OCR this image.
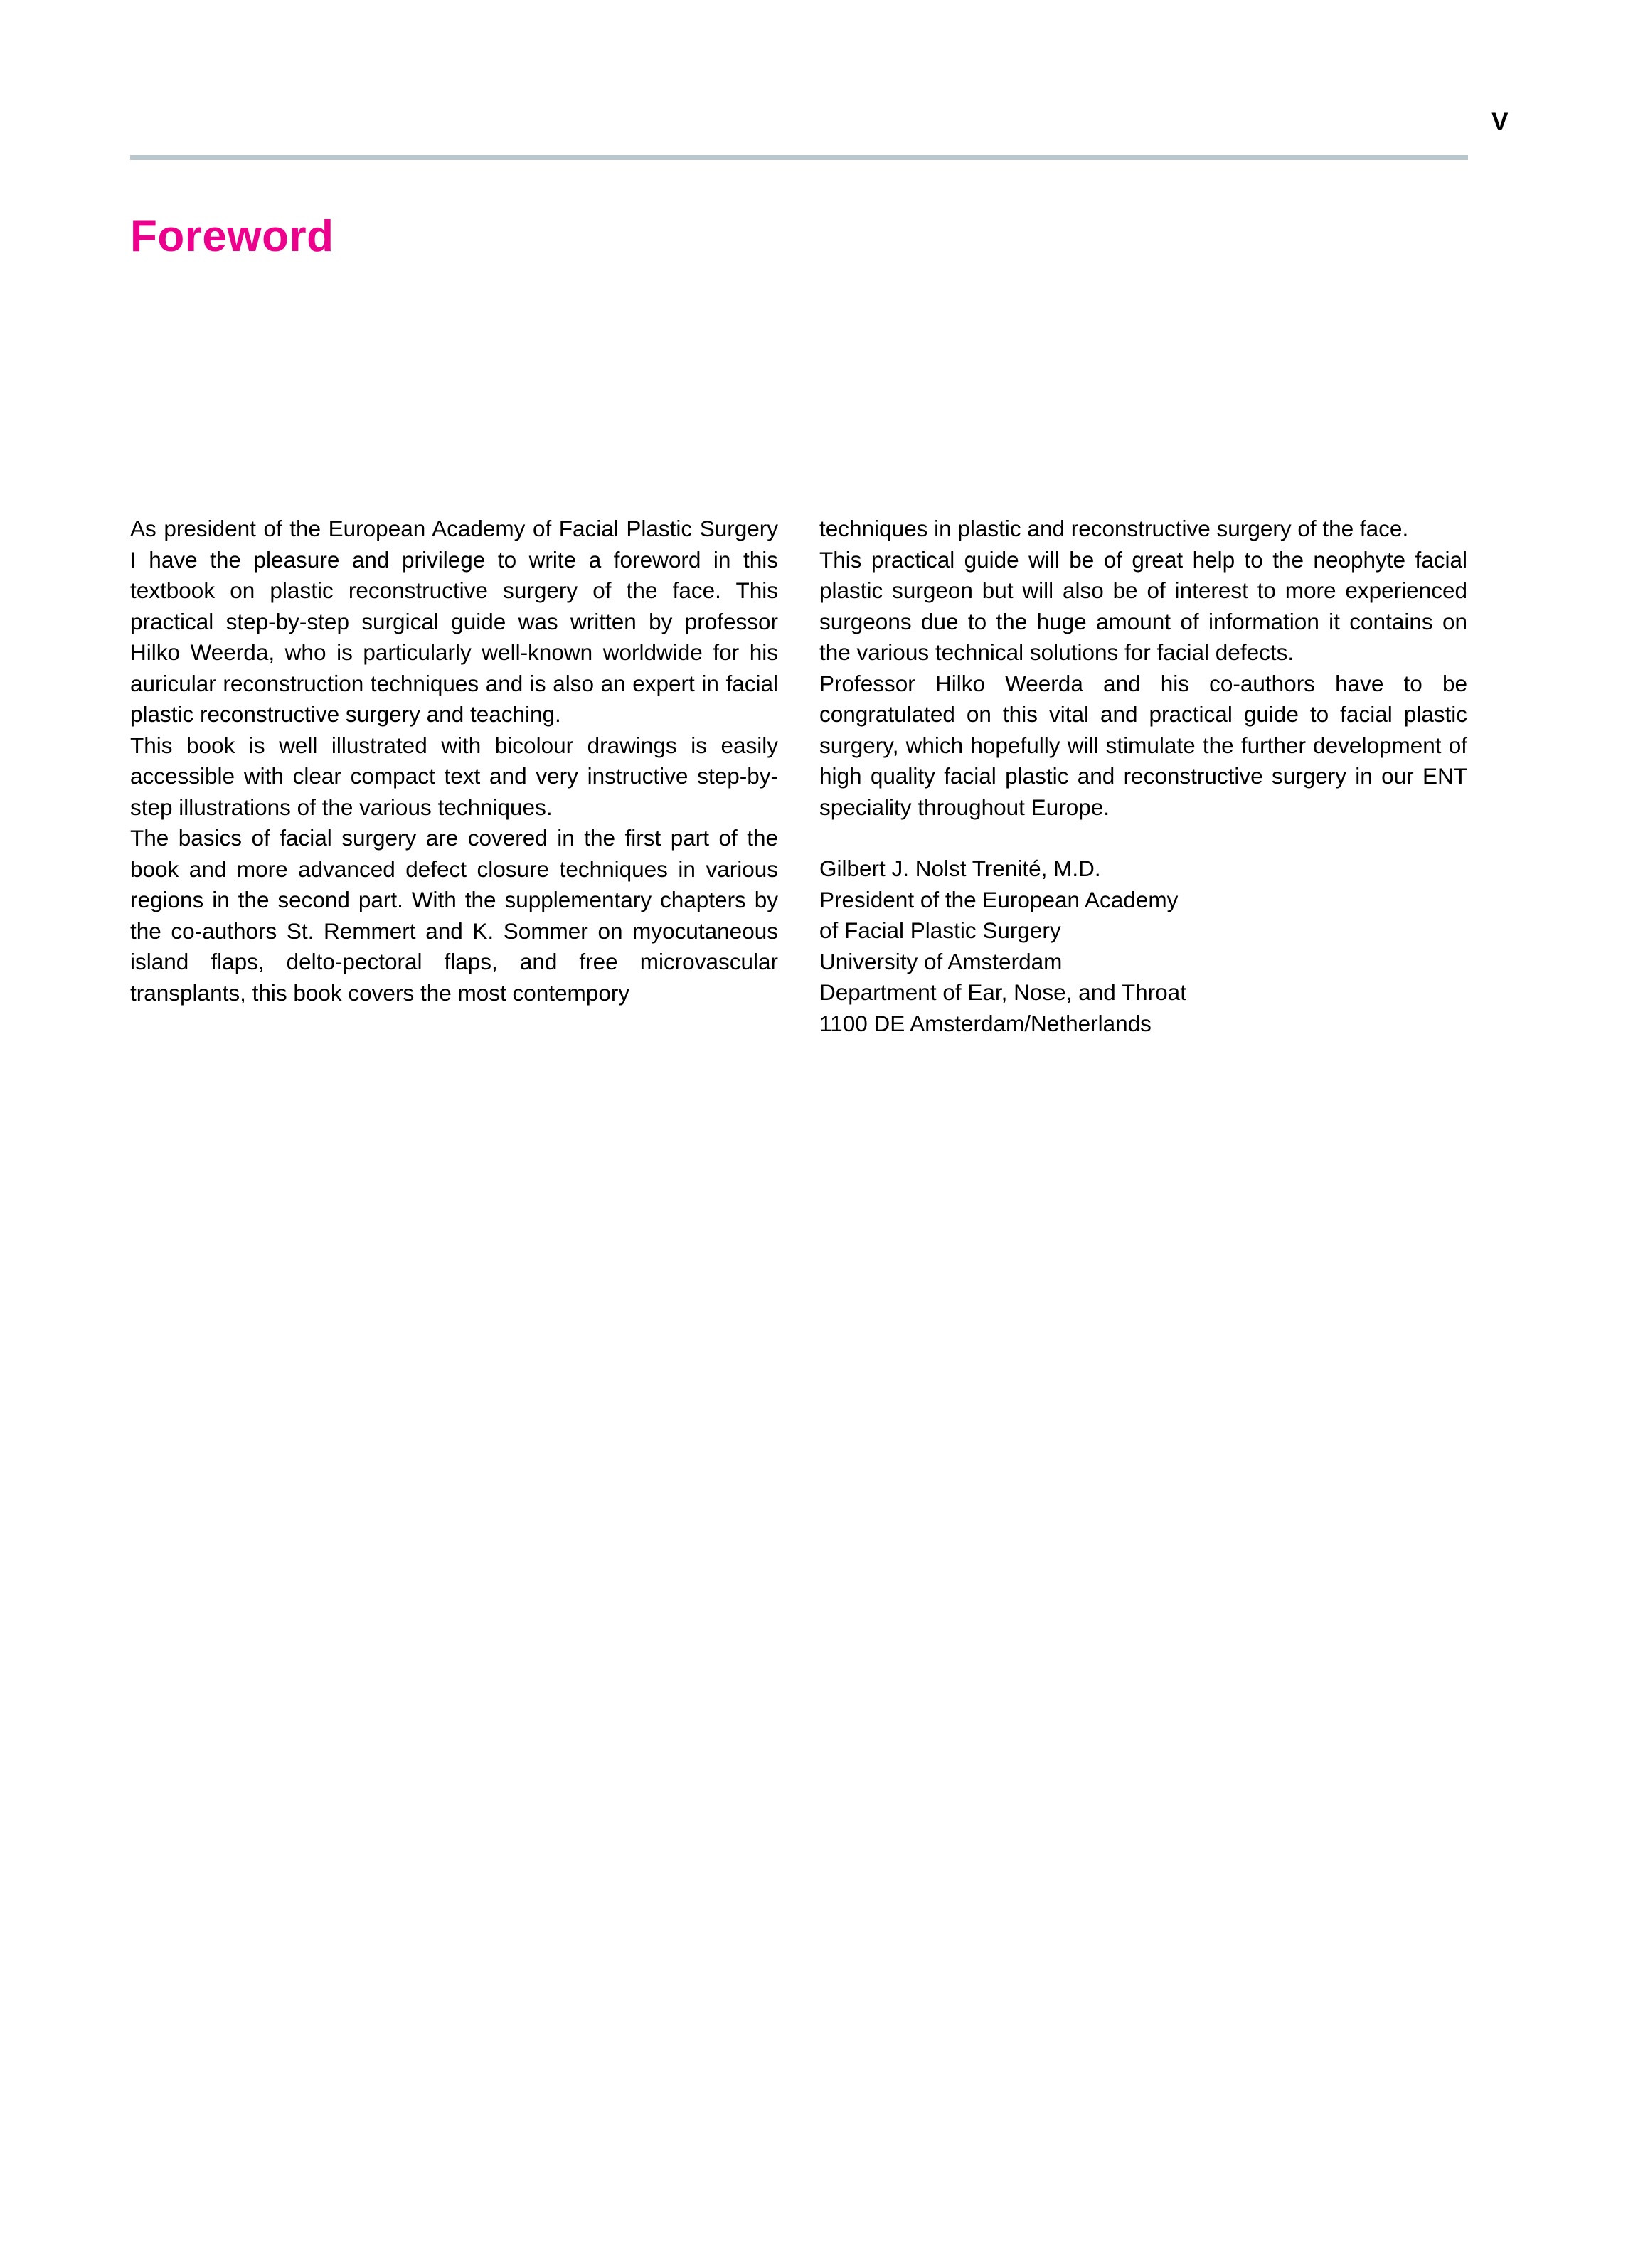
V
Foreword

As president of the European Academy of Facial Plastic Surgery I have the pleasure and privilege to write a foreword in this textbook on plastic reconstructive surgery of the face. This practical step-by-step surgical guide was written by professor Hilko Weerda, who is particularly well-known worldwide for his auricular reconstruction techniques and is also an expert in facial plastic reconstructive surgery and teaching.

This book is well illustrated with bicolour drawings is easily accessible with clear compact text and very instructive step-by-step illustrations of the various techniques.

The basics of facial surgery are covered in the first part of the book and more advanced defect closure techniques in various regions in the second part. With the supplementary chapters by the co-authors St. Remmert and K. Sommer on myocutaneous island flaps, delto-pectoral flaps, and free microvascular transplants, this book covers the most contempory

techniques in plastic and reconstructive surgery of the face.

This practical guide will be of great help to the neophyte facial plastic surgeon but will also be of interest to more experienced surgeons due to the huge amount of information it contains on the various technical solutions for facial defects.

Professor Hilko Weerda and his co-authors have to be congratulated on this vital and practical guide to facial plastic surgery, which hopefully will stimulate the further development of high quality facial plastic and reconstructive surgery in our ENT speciality throughout Europe.

Gilbert J. Nolst Trenité, M.D.

President of the European Academy

of Facial Plastic Surgery

University of Amsterdam

Department of Ear, Nose, and Throat

1100 DE Amsterdam/Netherlands
